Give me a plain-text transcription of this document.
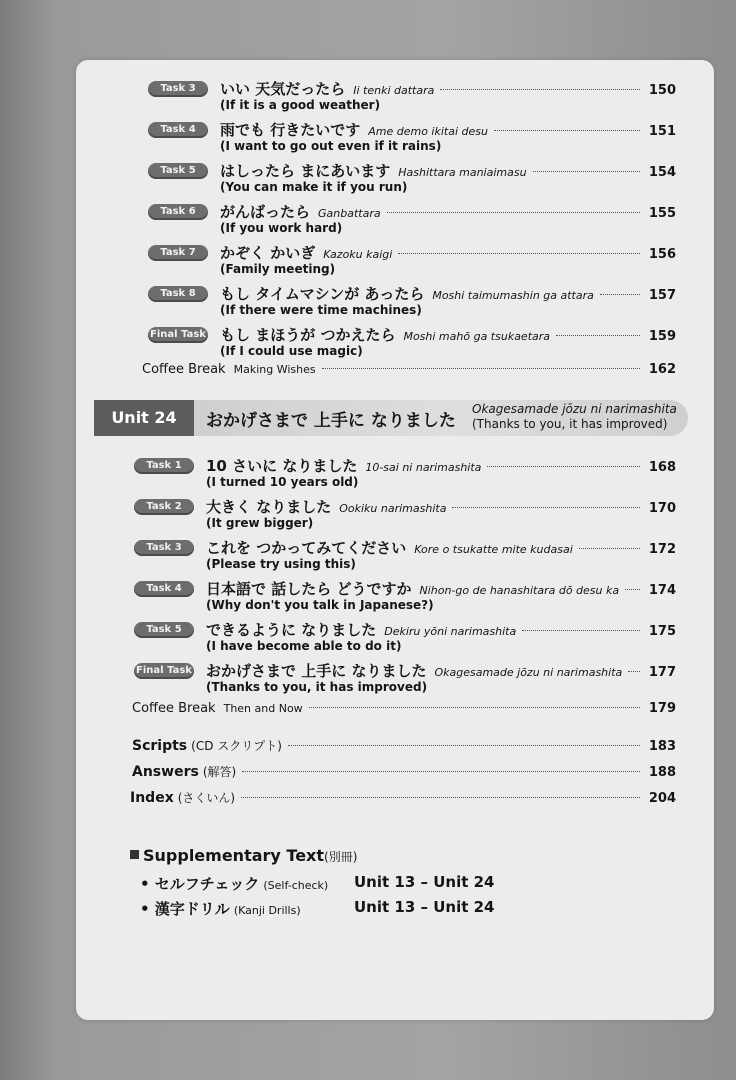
Task 3	いい 天気だったら Ii tenki dattara	150
(If it is a good weather)
Task 4	雨でも 行きたいです Ame demo ikitai desu	151
(I want to go out even if it rains)
Task 5	はしったら まにあいます Hashittara maniaimasu	154
(You can make it if you run)
Task 6	がんばったら Ganbattara	155
(If you work hard)
Task 7	かぞく かいぎ Kazoku kaigi	156
(Family meeting)
Task 8	もし タイムマシンが あったら Moshi taimumashin ga attara	157
(If there were time machines)
Final Task もし まほうが つかえたら Moshi mahō ga tsukaetara	159
(If I could use magic)
Coffee Break Making Wishes	162
Unit 24	おかげさまで 上手に なりました
Okagesamade jōzu ni narimashita
(Thanks to you, it has improved)
Task 1	10 さいに なりました 10-sai ni narimashita	168
(I turned 10 years old)
Task 2	大きく なりました Ookiku narimashita	170
(It grew bigger)
Task 3	これを つかってみてください Kore o tsukatte mite kudasai	172
(Please try using this)
Task 4	日本語で 話したら どうですか Nihon-go de hanashitara dō desu ka 174
(Why don't you talk in Japanese?)
Task 5	できるように なりました Dekiru yōni narimashita	175
(I have become able to do it)
Final Task おかげさまで 上手に なりました Okagesamade jōzu ni narimashita 177
(Thanks to you, it has improved)
Coffee Break Then and Now	179
Scripts (CD スクリプト)	183
Answers (解答)	188
Index (さくいん)	204
Supplementary Text(別冊)
• セルフチェック (Self-check) Unit 13 – Unit 24
• 漢字ドリル (Kanji Drills)	Unit 13 – Unit 24
